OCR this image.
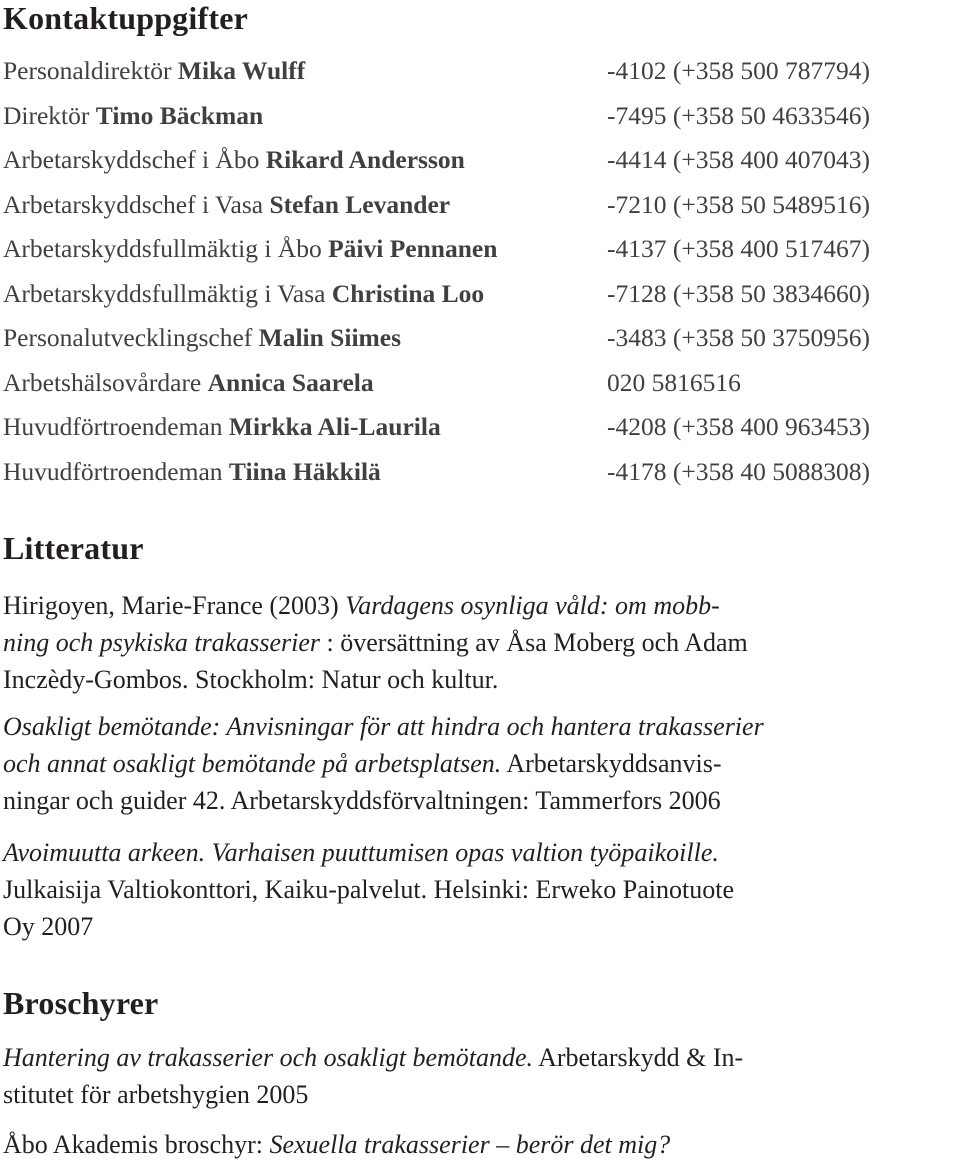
Kontaktuppgifter
Personaldirektör Mika Wulff	-4102 (+358 500 787794)
Direktör Timo Bäckman	-7495 (+358 50 4633546)
Arbetarskyddschef i Åbo Rikard Andersson	-4414 (+358 400 407043)
Arbetarskyddschef i Vasa Stefan Levander	-7210 (+358 50 5489516)
Arbetarskyddsfullmäktig i Åbo Päivi Pennanen	-4137 (+358 400 517467)
Arbetarskyddsfullmäktig i Vasa Christina Loo	-7128 (+358 50 3834660)
Personalutvecklingschef Malin Siimes	-3483 (+358 50 3750956)
Arbetshälsovårdare Annica Saarela	020 5816516
Huvudförtroendeman Mirkka Ali-Laurila	-4208 (+358 400 963453)
Huvudförtroendeman Tiina Häkkilä	-4178 (+358 40 5088308)
Litteratur

Hirigoyen, Marie-France (2003) Vardagens osynliga våld: om mobb-
ning och psykiska trakasserier : översättning av Åsa Moberg och Adam
Inczèdy-Gombos. Stockholm: Natur och kultur.

Osakligt bemötande: Anvisningar för att hindra och hantera trakasserier
och annat osakligt bemötande på arbetsplatsen. Arbetarskyddsanvis-
ningar och guider 42. Arbetarskyddsförvaltningen: Tammerfors 2006

Avoimuutta arkeen. Varhaisen puuttumisen opas valtion työpaikoille.
Julkaisija Valtiokonttori, Kaiku-palvelut. Helsinki: Erweko Painotuote
Oy 2007

Broschyrer

Hantering av trakasserier och osakligt bemötande. Arbetarskydd & In-
stitutet för arbetshygien 2005

Åbo Akademis broschyr: Sexuella trakasserier – berör det mig?
